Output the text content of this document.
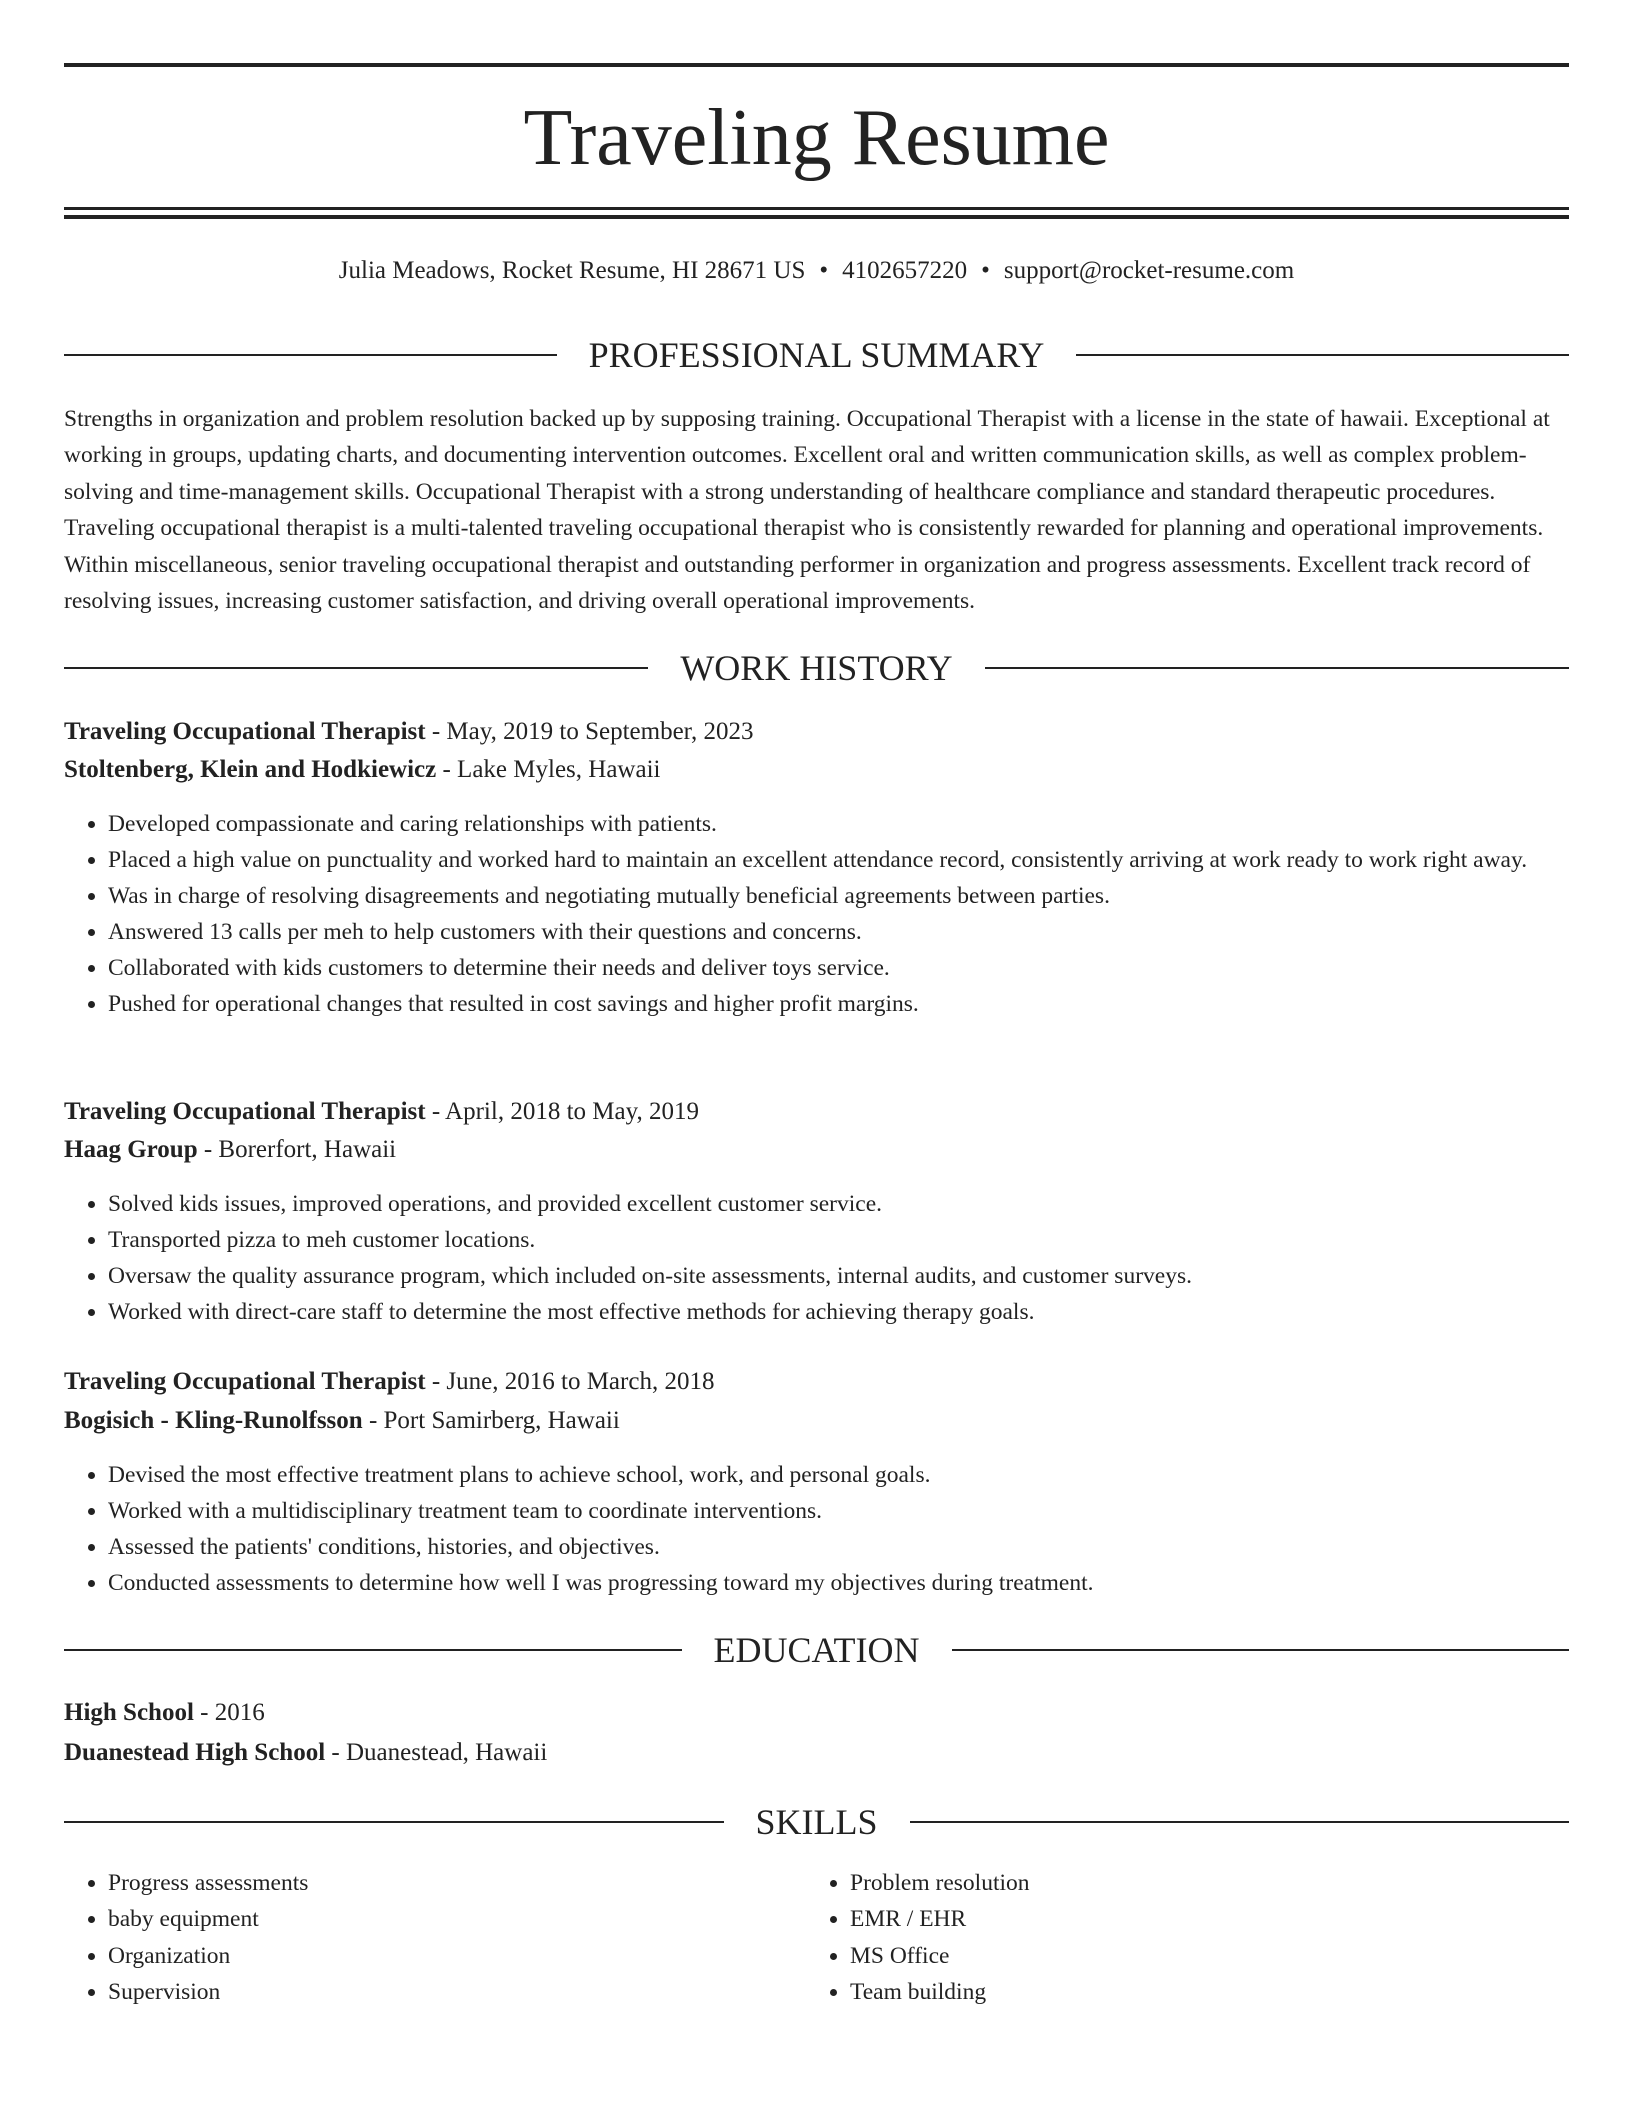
Traveling Resume
Julia Meadows, Rocket Resume, HI 28671 US • 4102657220 • support@rocket-resume.com
PROFESSIONAL SUMMARY

Strengths in organization and problem resolution backed up by supposing training. Occupational Therapist with a license in the state of hawaii. Exceptional at working in groups, updating charts, and documenting intervention outcomes. Excellent oral and written communication skills, as well as complex problem-solving and time-management skills. Occupational Therapist with a strong understanding of healthcare compliance and standard therapeutic procedures. Traveling occupational therapist is a multi-talented traveling occupational therapist who is consistently rewarded for planning and operational improvements. Within miscellaneous, senior traveling occupational therapist and outstanding performer in organization and progress assessments. Excellent track record of resolving issues, increasing customer satisfaction, and driving overall operational improvements.

WORK HISTORY
Traveling Occupational Therapist - May, 2019 to September, 2023
Stoltenberg, Klein and Hodkiewicz - Lake Myles, Hawaii
• Developed compassionate and caring relationships with patients.
• Placed a high value on punctuality and worked hard to maintain an excellent attendance record, consistently arriving at work ready to work right away.
• Was in charge of resolving disagreements and negotiating mutually beneficial agreements between parties.
• Answered 13 calls per meh to help customers with their questions and concerns.
• Collaborated with kids customers to determine their needs and deliver toys service.
• Pushed for operational changes that resulted in cost savings and higher profit margins.
Traveling Occupational Therapist - April, 2018 to May, 2019
Haag Group - Borerfort, Hawaii
• Solved kids issues, improved operations, and provided excellent customer service.
• Transported pizza to meh customer locations.
• Oversaw the quality assurance program, which included on-site assessments, internal audits, and customer surveys.
• Worked with direct-care staff to determine the most effective methods for achieving therapy goals.
Traveling Occupational Therapist - June, 2016 to March, 2018
Bogisich - Kling-Runolfsson - Port Samirberg, Hawaii
• Devised the most effective treatment plans to achieve school, work, and personal goals.
• Worked with a multidisciplinary treatment team to coordinate interventions.
• Assessed the patients' conditions, histories, and objectives.
• Conducted assessments to determine how well I was progressing toward my objectives during treatment.
EDUCATION
High School - 2016
Duanestead High School - Duanestead, Hawaii
SKILLS
• Progress assessments
• baby equipment
• Organization
• Supervision
• Problem resolution
• EMR / EHR
• MS Office
• Team building
